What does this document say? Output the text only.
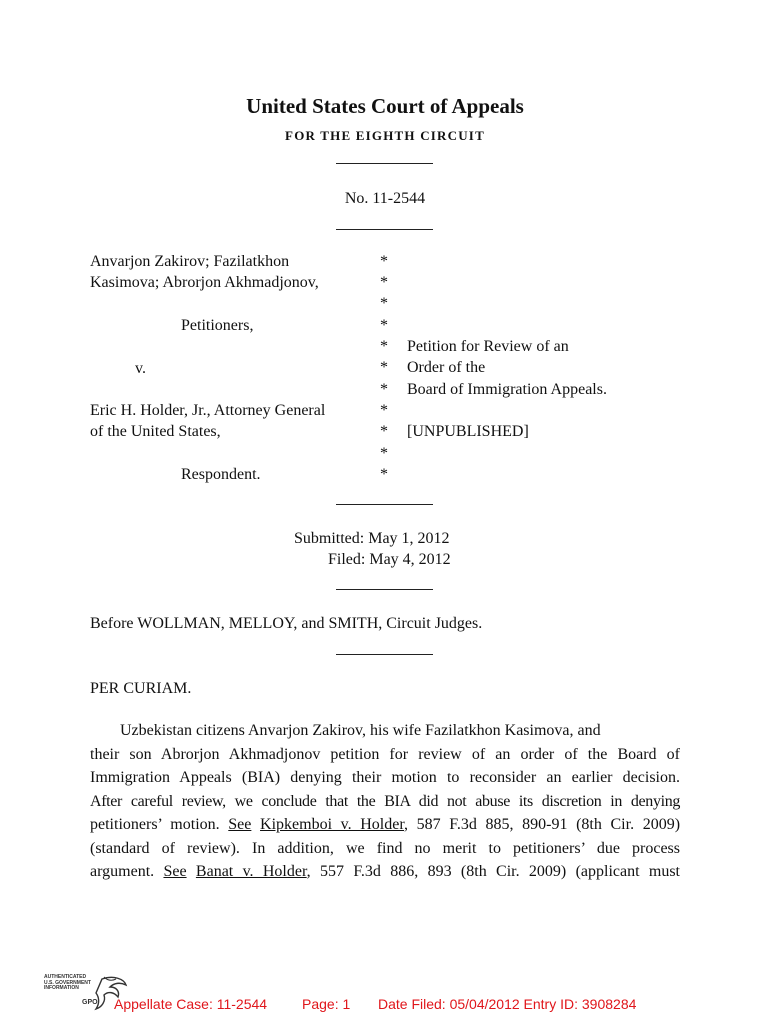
United States Court of Appeals
FOR THE EIGHTH CIRCUIT
No. 11-2544
Anvarjon Zakirov; Fazilatkhon
Kasimova; Abrorjon Akhmadjonov,
Petitioners,
v.
Eric H. Holder, Jr., Attorney General
of the United States,
Respondent.
*
*
*
*
*
*
*
*
*
*
*
Petition for Review of an
Order of the
Board of Immigration Appeals.
[UNPUBLISHED]
Submitted: May 1, 2012
Filed: May 4, 2012
Before WOLLMAN, MELLOY, and SMITH, Circuit Judges.
PER CURIAM.

Uzbekistan citizens Anvarjon Zakirov, his wife Fazilatkhon Kasimova, and

their son Abrorjon Akhmadjonov petition for review of an order of the Board of

Immigration Appeals (BIA) denying their motion to reconsider an earlier decision.

After careful review, we conclude that the BIA did not abuse its discretion in denying

petitioners’ motion. See Kipkemboi v. Holder, 587 F.3d 885, 890-91 (8th Cir. 2009)

(standard of review). In addition, we find no merit to petitioners’ due process

argument. See Banat v. Holder, 557 F.3d 886, 893 (8th Cir. 2009) (applicant must

AUTHENTICATED
U.S. GOVERNMENT
INFORMATION
GPO Appellate Case: 11-2544 Page: 1 Date Filed: 05/04/2012 Entry ID: 3908284
